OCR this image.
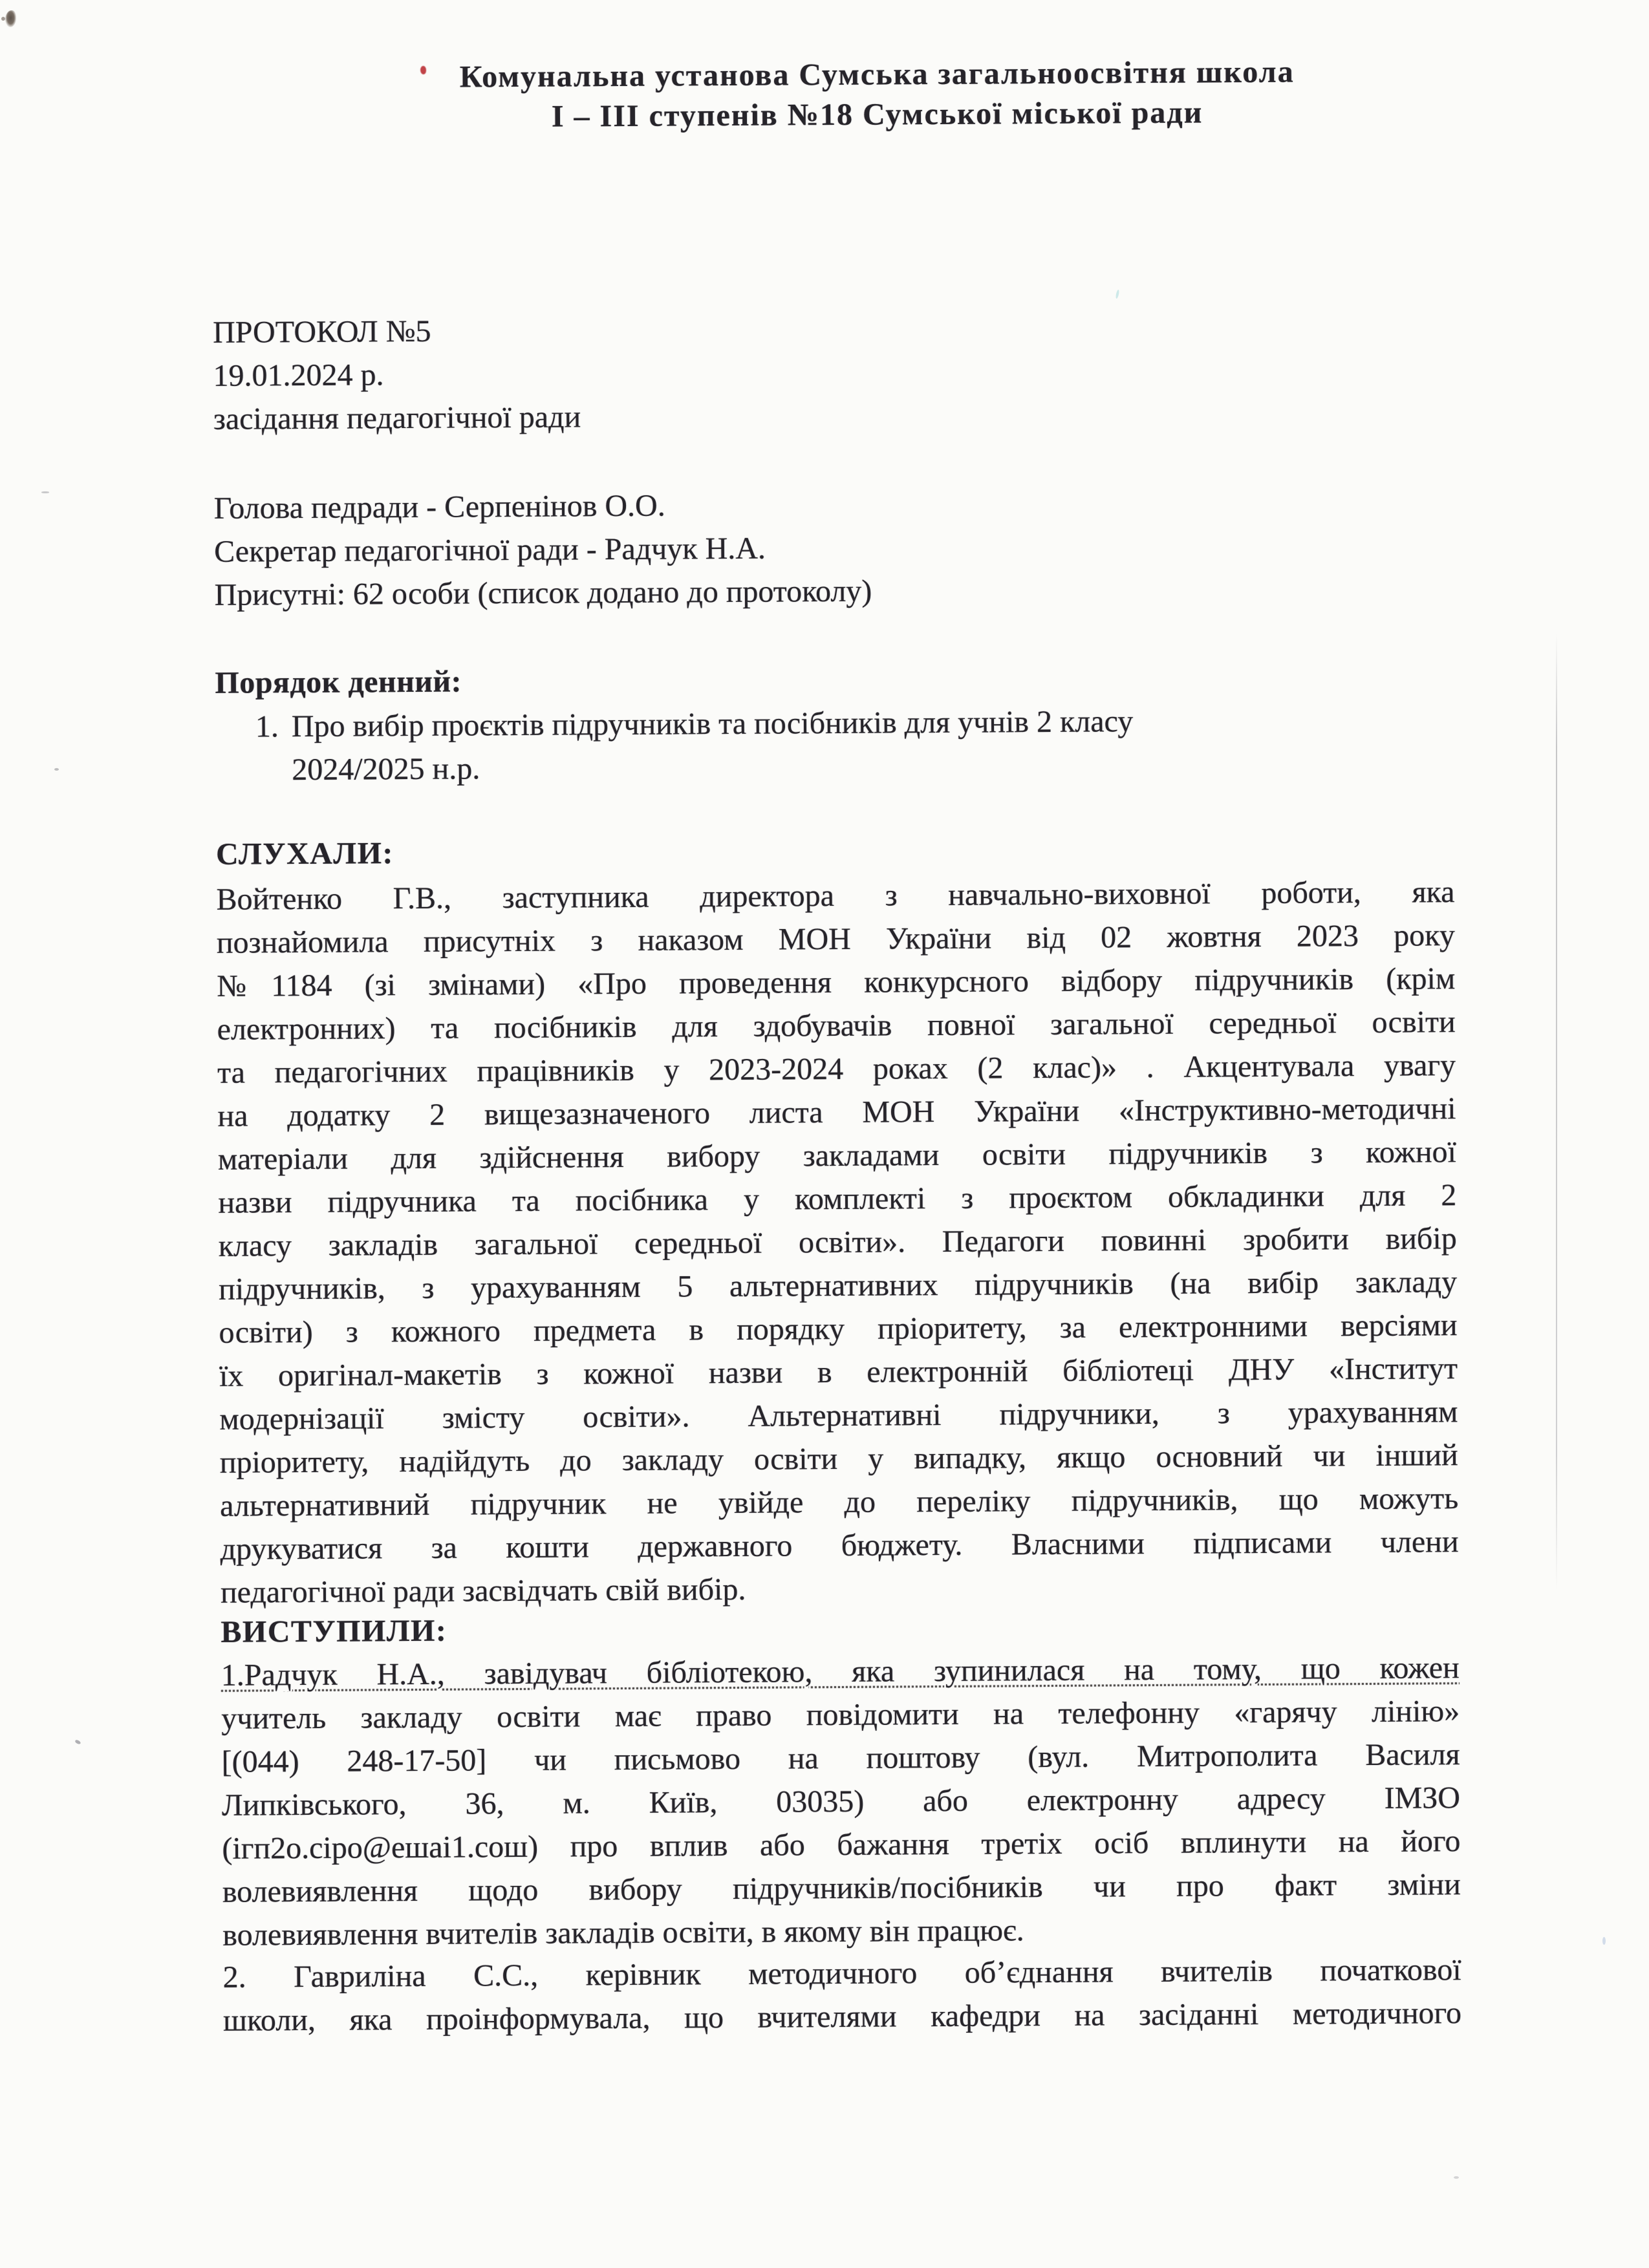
Комунальна установа Сумська загальноосвітня школа
І – ІІІ ступенів №18 Сумської міської ради
ПРОТОКОЛ №5
19.01.2024 р.
засідання педагогічної ради
Голова педради - Серпенінов О.О.
Секретар педагогічної ради - Радчук Н.А.
Присутні: 62 особи (список додано до протоколу)
Порядок денний:
1. Про вибір проєктів підручників та посібників для учнів 2 класу
2024/2025 н.р.
СЛУХАЛИ:
Войтенко Г.В., заступника директора з навчально-виховної роботи, яка
познайомила присутніх з наказом МОН України від 02 жовтня 2023 року
№1184 (зі змінами) «Про проведення конкурсного відбору підручників (крім
електронних) та посібників для здобувачів повної загальної середньої освіти
та педагогічних працівників у 2023-2024 роках (2 клас)» . Акцентувала увагу
на додатку 2 вищезазначеного листа МОН України «Інструктивно-методичні
матеріали для здійснення вибору закладами освіти підручників з кожної
назви підручника та посібника у комплекті з проєктом обкладинки для 2
класу закладів загальної середньої освіти». Педагоги повинні зробити вибір
підручників, з урахуванням 5 альтернативних підручників (на вибір закладу
освіти) з кожного предмета в порядку пріоритету, за електронними версіями
їх оригінал-макетів з кожної назви в електронній бібліотеці ДНУ «Інститут
модернізації змісту освіти». Альтернативні підручники, з урахуванням
пріоритету, надійдуть до закладу освіти у випадку, якщо основний чи інший
альтернативний підручник не увійде до переліку підручників, що можуть
друкуватися за кошти державного бюджету. Власними підписами члени
педагогічної ради засвідчать свій вибір.
ВИСТУПИЛИ:
1.Радчук Н.А., завідувач бібліотекою, яка зупинилася на тому, що кожен
учитель закладу освіти має право повідомити на телефонну «гарячу лінію»
[(044) 248-17-50] чи письмово на поштову (вул. Митрополита Василя
Липківського, 36, м. Київ, 03035) або електронну адресу ІМЗО
(ігп2о.сіро@ешаі1.сош) про вплив або бажання третіх осіб вплинути на його
волевиявлення щодо вибору підручників/посібників чи про факт зміни
волевиявлення вчителів закладів освіти, в якому він працює.
2. Гавриліна С.С., керівник методичного об’єднання вчителів початкової
школи, яка проінформувала, що вчителями кафедри на засіданні методичного
